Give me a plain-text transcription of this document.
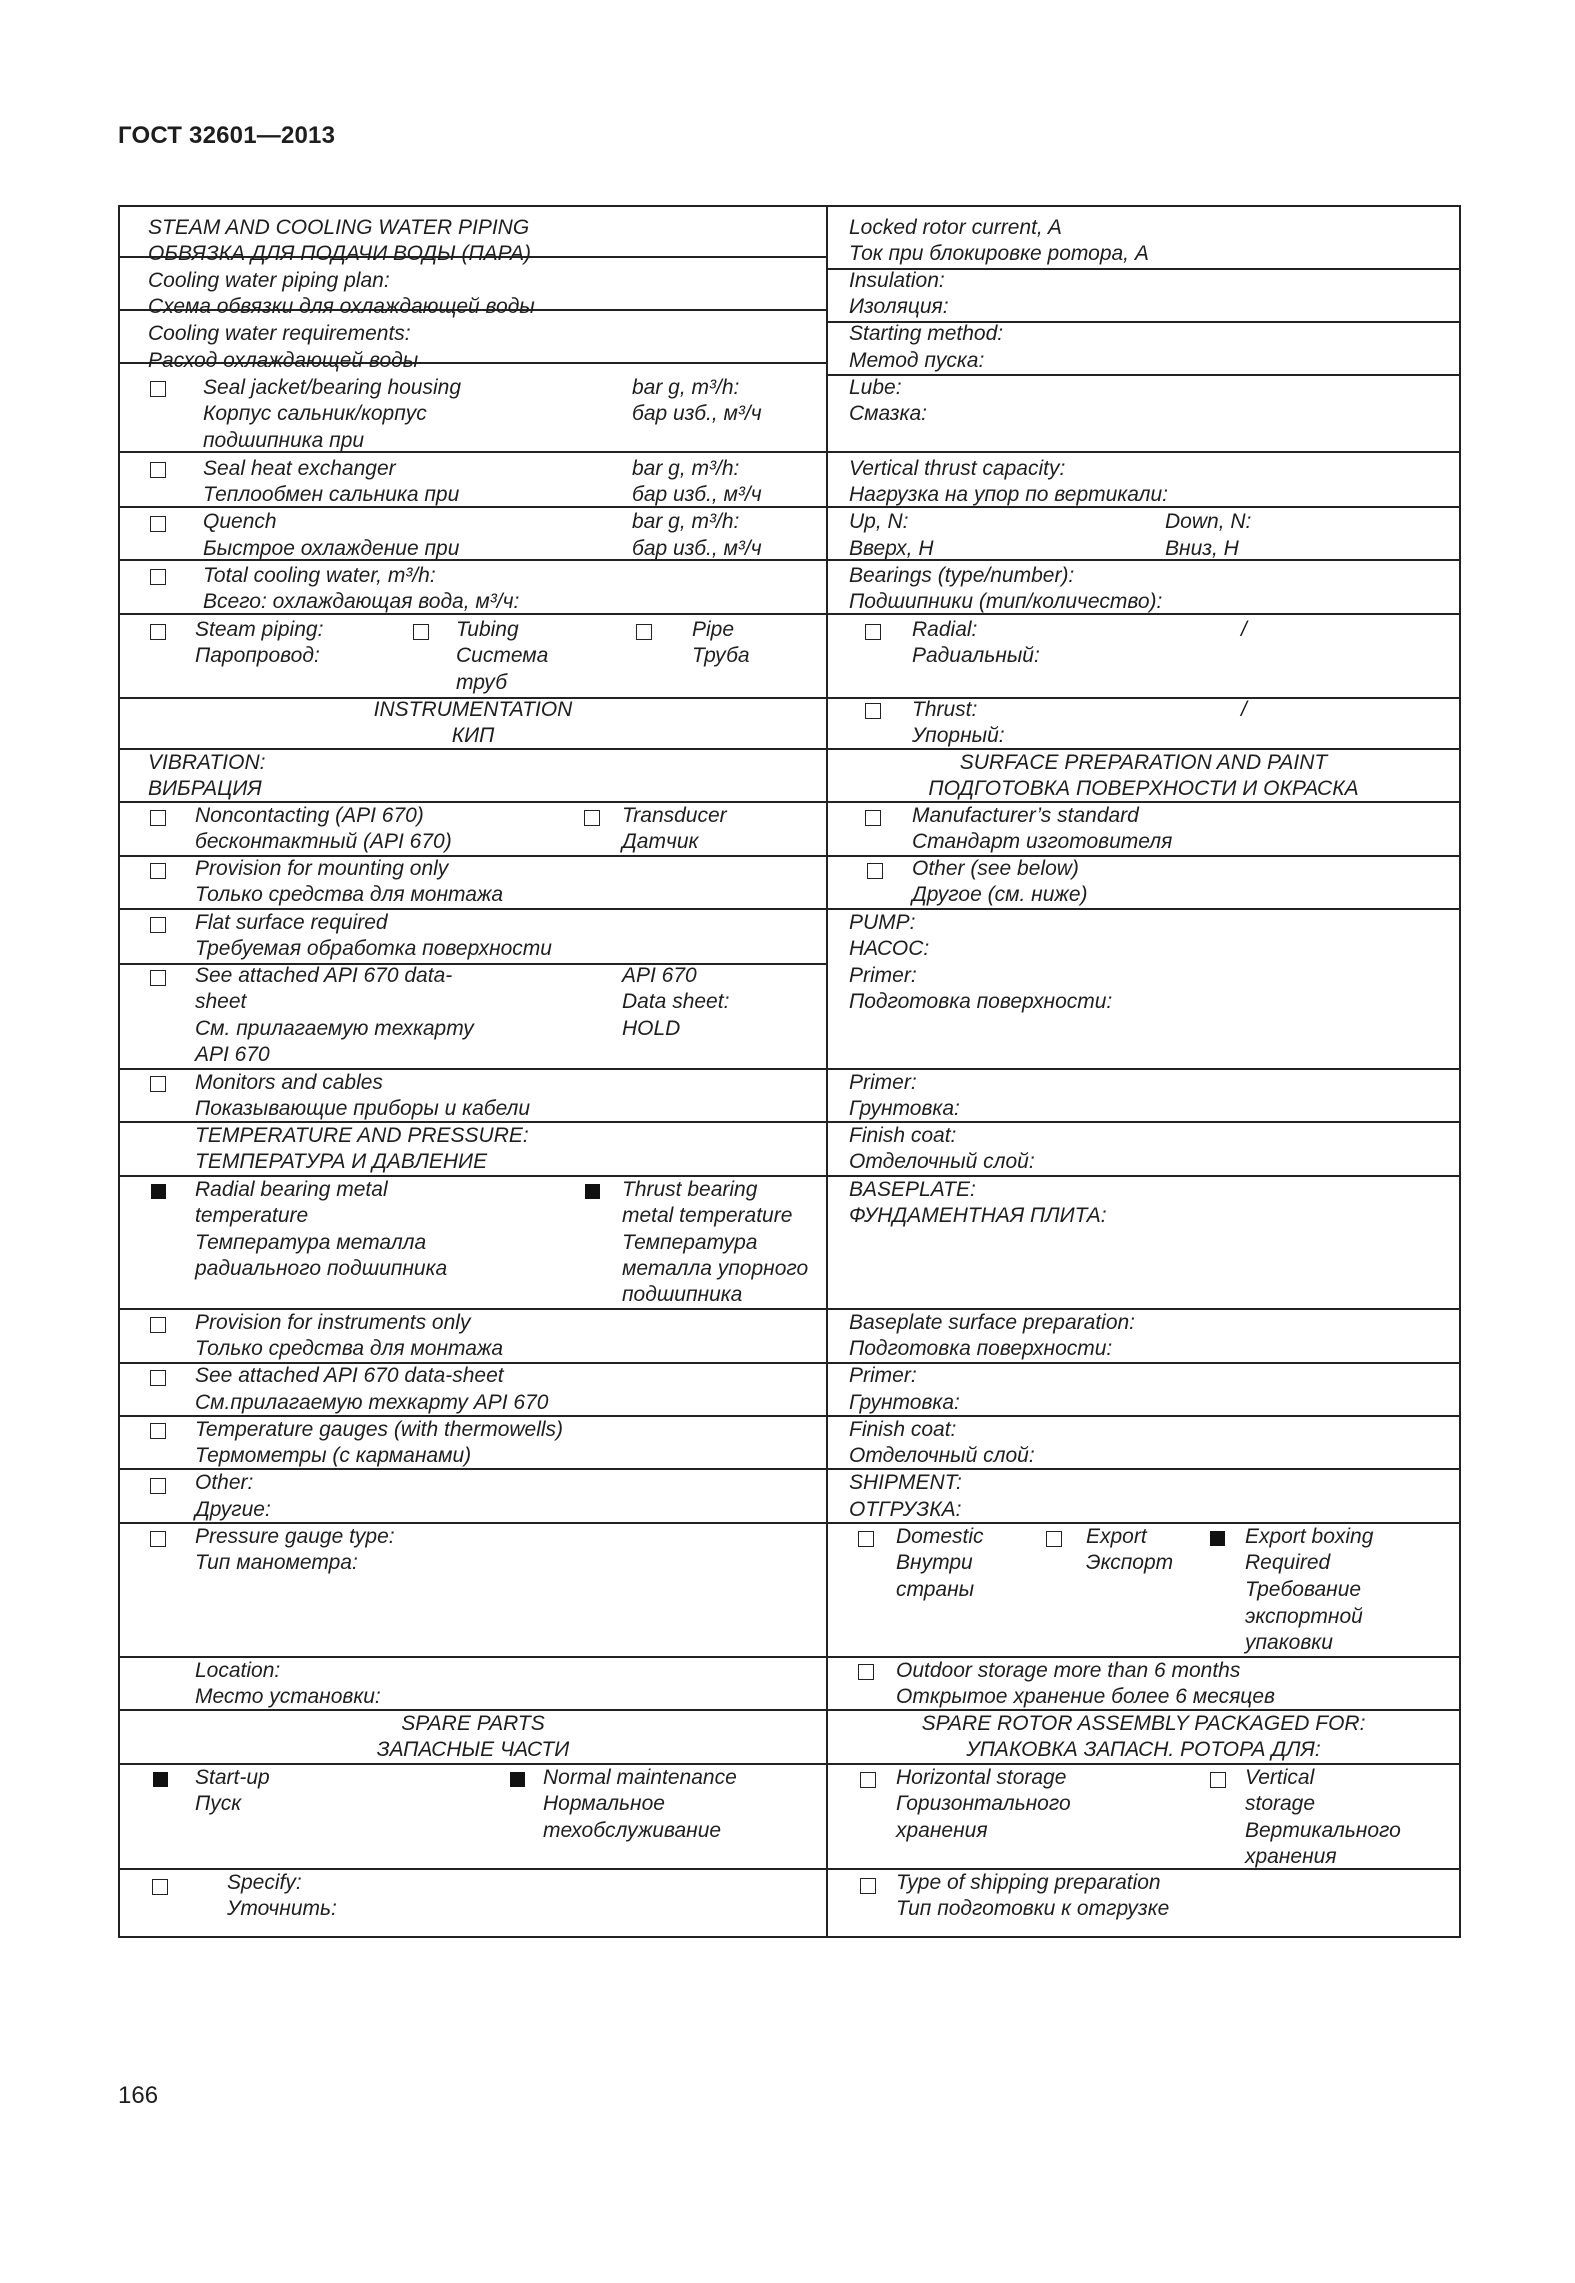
ГОСТ 32601—2013
STEAM AND COOLING WATER PIPING
ОБВЯЗКА ДЛЯ ПОДАЧИ ВОДЫ (ПАРА)
Cooling water piping plan:
Схема обвязки для охлаждающей воды
Cooling water requirements:
Расход охлаждающей воды
Seal jacket/bearing housing
Корпус сальник/корпус
подшипника при
bar g, m³/h:
бар изб., м³/ч
Seal heat exchanger
Теплообмен сальника при
bar g, m³/h:
бар изб., м³/ч
Quench
Быстрое охлаждение при
bar g, m³/h:
бар изб., м³/ч
Total cooling water, m³/h:
Всего: охлаждающая вода, м³/ч:
Steam piping:
Паропровод:
Tubing
Система
труб
Pipe
Труба
INSTRUMENTATION
КИП
VIBRATION:
ВИБРАЦИЯ
Noncontacting (API 670)
бесконтактный (API 670)
Transducer
Датчик
Provision for mounting only
Только средства для монтажа
Flat surface required
Требуемая обработка поверхности
See attached API 670 data-
sheet
См. прилагаемую техкарту
API 670
API 670
Data sheet:
HOLD
Monitors and cables
Показывающие приборы и кабели
TEMPERATURE AND PRESSURE:
ТЕМПЕРАТУРА И ДАВЛЕНИЕ
Radial bearing metal
temperature
Температура металла
радиального подшипника
Thrust bearing
metal temperature
Температура
металла упорного
подшипника
Provision for instruments only
Только средства для монтажа
See attached API 670 data-sheet
См.прилагаемую техкарту API 670
Temperature gauges (with thermowells)
Термометры (с карманами)
Other:
Другие:
Pressure gauge type:
Тип манометра:
Location:
Место установки:
SPARE PARTS
ЗАПАСНЫЕ ЧАСТИ
Start-up
Пуск
Normal maintenance
Нормальное
техобслуживание
Specify:
Уточнить:
Locked rotor current, A
Ток при блокировке ротора, А
Insulation:
Изоляция:
Starting method:
Метод пуска:
Lube:
Смазка:
Vertical thrust capacity:
Нагрузка на упор по вертикали:
Up, N:
Вверх, Н
Down, N:
Вниз, Н
Bearings (type/number):
Подшипники (тип/количество):
Radial:
Радиальный:
/
Thrust:
Упорный:
/
SURFACE PREPARATION AND PAINT
ПОДГОТОВКА ПОВЕРХНОСТИ И ОКРАСКА
Manufacturer’s standard
Стандарт изготовителя
Other (see below)
Другое (см. ниже)
PUMP:
НАСОС:
Primer:
Подготовка поверхности:
Primer:
Грунтовка:
Finish coat:
Отделочный слой:
BASEPLATE:
ФУНДАМЕНТНАЯ ПЛИТА:
Baseplate surface preparation:
Подготовка поверхности:
Primer:
Грунтовка:
Finish coat:
Отделочный слой:
SHIPMENT:
ОТГРУЗКА:
Domestic
Внутри
страны
Export
Экспорт
Export boxing
Required
Требование
экспортной
упаковки
Outdoor storage more than 6 months
Открытое хранение более 6 месяцев
SPARE ROTOR ASSEMBLY PACKAGED FOR:
УПАКОВКА ЗАПАСН. РОТОРА ДЛЯ:
Horizontal storage
Горизонтального
хранения
Vertical
storage
Вертикального
хранения
Type of shipping preparation
Тип подготовки к отгрузке
166
